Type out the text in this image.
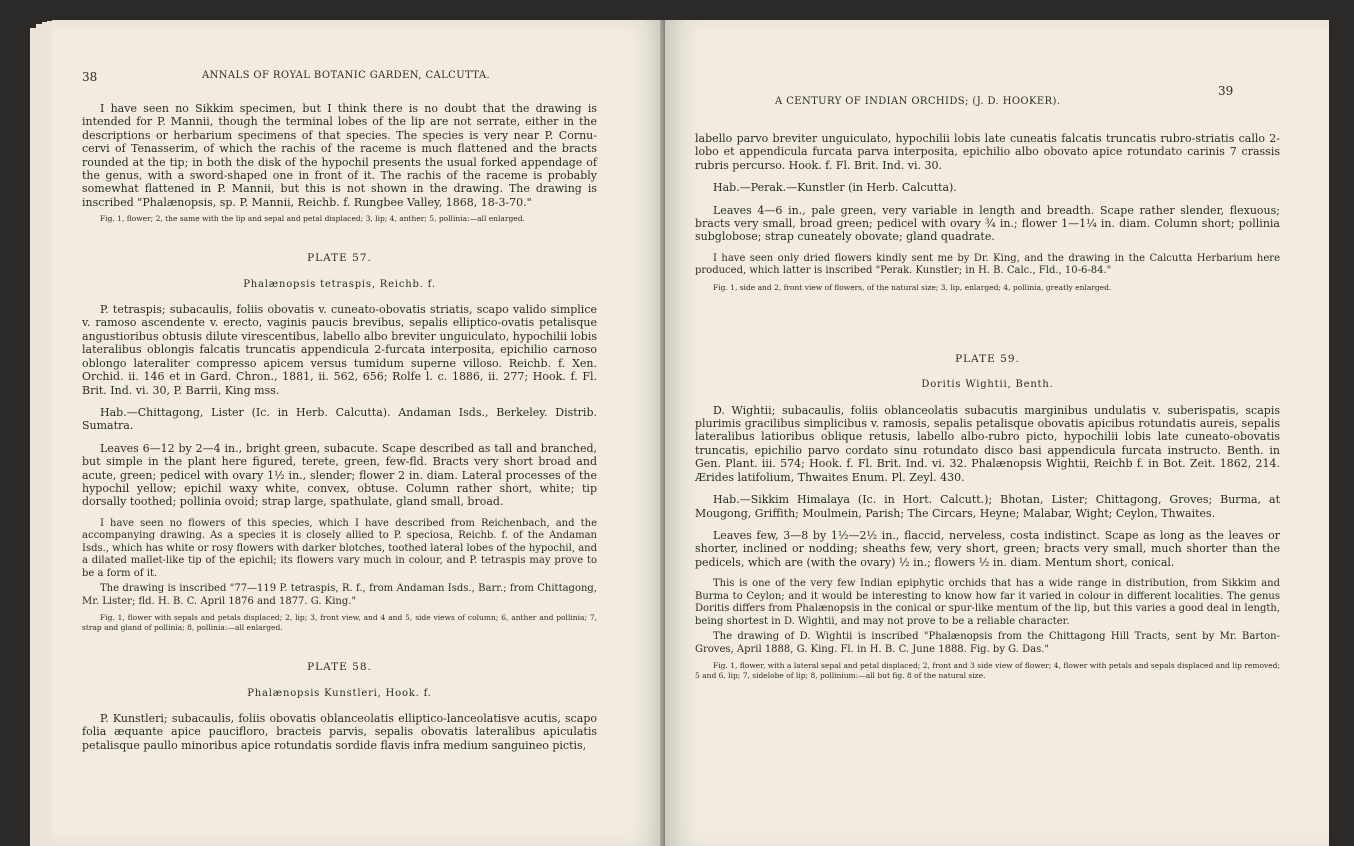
38	ANNALS OF ROYAL BOTANIC GARDEN, CALCUTTA.

I have seen no Sikkim specimen, but I think there is no doubt that the drawing is intended for P. Mannii, though the terminal lobes of the lip are not serrate, either in the descriptions or herbarium specimens of that species. The species is very near P. Cornu-cervi of Tenasserim, of which the rachis of the raceme is much flattened and the bracts rounded at the tip; in both the disk of the hypochil presents the usual forked appendage of the genus, with a sword-shaped one in front of it. The rachis of the raceme is probably somewhat flattened in P. Mannii, but this is not shown in the drawing. The drawing is inscribed "Phalænopsis, sp. P. Mannii, Reichb. f. Rungbee Valley, 1868, 18-3-70."

Fig. 1, flower; 2, the same with the lip and sepal and petal displaced; 3, lip; 4, anther; 5, pollinia:—all enlarged.

PLATE 57.
Phalænopsis tetraspis, Reichb. f.

P. tetraspis; subacaulis, foliis obovatis v. cuneato-obovatis striatis, scapo valido simplice v. ramoso ascendente v. erecto, vaginis paucis brevibus, sepalis elliptico-ovatis petalisque angustioribus obtusis dilute virescentibus, labello albo breviter unguiculato, hypochilii lobis lateralibus oblongis falcatis truncatis appendicula 2-furcata interposita, epichilio carnoso oblongo lateraliter compresso apicem versus tumidum superne villoso. Reichb. f. Xen. Orchid. ii. 146 et in Gard. Chron., 1881, ii. 562, 656; Rolfe l. c. 1886, ii. 277; Hook. f. Fl. Brit. Ind. vi. 30, P. Barrii, King mss.

Hab.—Chittagong, Lister (Ic. in Herb. Calcutta). Andaman Isds., Berkeley. Distrib. Sumatra.

Leaves 6—12 by 2—4 in., bright green, subacute. Scape described as tall and branched, but simple in the plant here figured, terete, green, few-fld. Bracts very short broad and acute, green; pedicel with ovary 1½ in., slender; flower 2 in. diam. Lateral processes of the hypochil yellow; epichil waxy white, convex, obtuse. Column rather short, white; tip dorsally toothed; pollinia ovoid; strap large, spathulate, gland small, broad.

I have seen no flowers of this species, which I have described from Reichenbach, and the accompanying drawing. As a species it is closely allied to P. speciosa, Reichb. f. of the Andaman Isds., which has white or rosy flowers with darker blotches, toothed lateral lobes of the hypochil, and a dilated mallet-like tip of the epichil; its flowers vary much in colour, and P. tetraspis may prove to be a form of it.

The drawing is inscribed "77—119 P. tetraspis, R. f., from Andaman Isds., Barr.; from Chittagong, Mr. Lister; fld. H. B. C. April 1876 and 1877. G. King."

Fig. 1, flower with sepals and petals displaced; 2, lip; 3, front view, and 4 and 5, side views of column; 6, anther and pollinia; 7, strap and gland of pollinia; 8, pollinia:—all enlarged.

PLATE 58.
Phalænopsis Kunstleri, Hook. f.

P. Kunstleri; subacaulis, foliis obovatis oblanceolatis elliptico-lanceolatisve acutis, scapo folia æquante apice paucifloro, bracteis parvis, sepalis obovatis lateralibus apiculatis petalisque paullo minoribus apice rotundatis sordide flavis infra medium sanguineo pictis,

A CENTURY OF INDIAN ORCHIDS; (J. D. HOOKER).
39

labello parvo breviter unguiculato, hypochilii lobis late cuneatis falcatis truncatis rubro-striatis callo 2-lobo et appendicula furcata parva interposita, epichilio albo obovato apice rotundato carinis 7 crassis rubris percurso. Hook. f. Fl. Brit. Ind. vi. 30.

Hab.—Perak.—Kunstler (in Herb. Calcutta).

Leaves 4—6 in., pale green, very variable in length and breadth. Scape rather slender, flexuous; bracts very small, broad green; pedicel with ovary ¾ in.; flower 1—1¼ in. diam. Column short; pollinia subglobose; strap cuneately obovate; gland quadrate.

I have seen only dried flowers kindly sent me by Dr. King, and the drawing in the Calcutta Herbarium here produced, which latter is inscribed "Perak. Kunstler; in H. B. Calc., Fld., 10-6-84."

Fig. 1, side and 2, front view of flowers, of the natural size; 3, lip, enlarged; 4, pollinia, greatly enlarged.

PLATE 59.
Doritis Wightii, Benth.

D. Wightii; subacaulis, foliis oblanceolatis subacutis marginibus undulatis v. suberispatis, scapis plurimis gracilibus simplicibus v. ramosis, sepalis petalisque obovatis apicibus rotundatis aureis, sepalis lateralibus latioribus oblique retusis, labello albo-rubro picto, hypochilii lobis late cuneato-obovatis truncatis, epichilio parvo cordato sinu rotundato disco basi appendicula furcata instructo. Benth. in Gen. Plant. iii. 574; Hook. f. Fl. Brit. Ind. vi. 32. Phalænopsis Wightii, Reichb f. in Bot. Zeit. 1862, 214. Ærides latifolium, Thwaites Enum. Pl. Zeyl. 430.

Hab.—Sikkim Himalaya (Ic. in Hort. Calcutt.); Bhotan, Lister; Chittagong, Groves; Burma, at Mougong, Griffith; Moulmein, Parish; The Circars, Heyne; Malabar, Wight; Ceylon, Thwaites.

Leaves few, 3—8 by 1½—2½ in., flaccid, nerveless, costa indistinct. Scape as long as the leaves or shorter, inclined or nodding; sheaths few, very short, green; bracts very small, much shorter than the pedicels, which are (with the ovary) ½ in.; flowers ½ in. diam. Mentum short, conical.

This is one of the very few Indian epiphytic orchids that has a wide range in distribution, from Sikkim and Burma to Ceylon; and it would be interesting to know how far it varied in colour in different localities. The genus Doritis differs from Phalænopsis in the conical or spur-like mentum of the lip, but this varies a good deal in length, being shortest in D. Wightii, and may not prove to be a reliable character.

The drawing of D. Wightii is inscribed "Phalænopsis from the Chittagong Hill Tracts, sent by Mr. Barton-Groves, April 1888, G. King. Fl. in H. B. C. June 1888. Fig. by G. Das."

Fig. 1, flower, with a lateral sepal and petal displaced; 2, front and 3 side view of flower; 4, flower with petals and sepals displaced and lip removed; 5 and 6, lip; 7, sidelobe of lip; 8, pollinium:—all but fig. 8 of the natural size.
